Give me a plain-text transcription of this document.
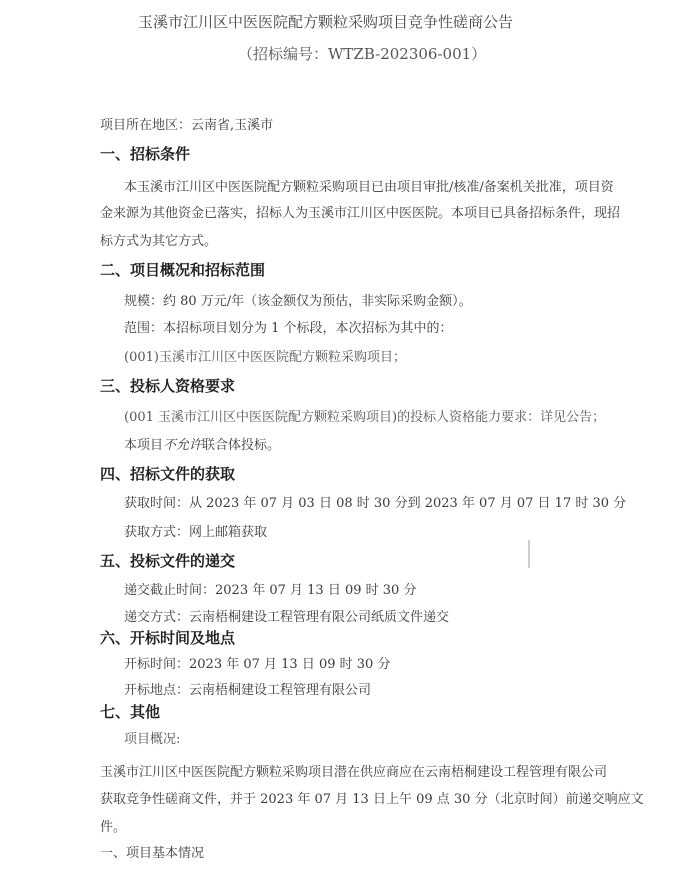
玉溪市江川区中医医院配方颗粒采购项目竞争性磋商公告
（招标编号：WTZB-202306-001）
项目所在地区：云南省,玉溪市
一、招标条件
本玉溪市江川区中医医院配方颗粒采购项目已由项目审批/核准/备案机关批准，项目资
金来源为其他资金已落实，招标人为玉溪市江川区中医医院。本项目已具备招标条件，现招
标方式为其它方式。
二、项目概况和招标范围
规模：约 80 万元/年（该金额仅为预估，非实际采购金额）。
范围：本招标项目划分为 1 个标段，本次招标为其中的：
(001)玉溪市江川区中医医院配方颗粒采购项目；
三、投标人资格要求
(001 玉溪市江川区中医医院配方颗粒采购项目)的投标人资格能力要求：详见公告；
本项目不允许联合体投标。
四、招标文件的获取
获取时间：从 2023 年 07 月 03 日 08 时 30 分到 2023 年 07 月 07 日 17 时 30 分
获取方式：网上邮箱获取
五、投标文件的递交
递交截止时间：2023 年 07 月 13 日 09 时 30 分
递交方式：云南梧桐建设工程管理有限公司纸质文件递交
六、开标时间及地点
开标时间：2023 年 07 月 13 日 09 时 30 分
开标地点：云南梧桐建设工程管理有限公司
七、其他
项目概况:
玉溪市江川区中医医院配方颗粒采购项目潜在供应商应在云南梧桐建设工程管理有限公司
获取竞争性磋商文件，并于 2023 年 07 月 13 日上午 09 点 30 分（北京时间）前递交响应文
件。
一、项目基本情况
